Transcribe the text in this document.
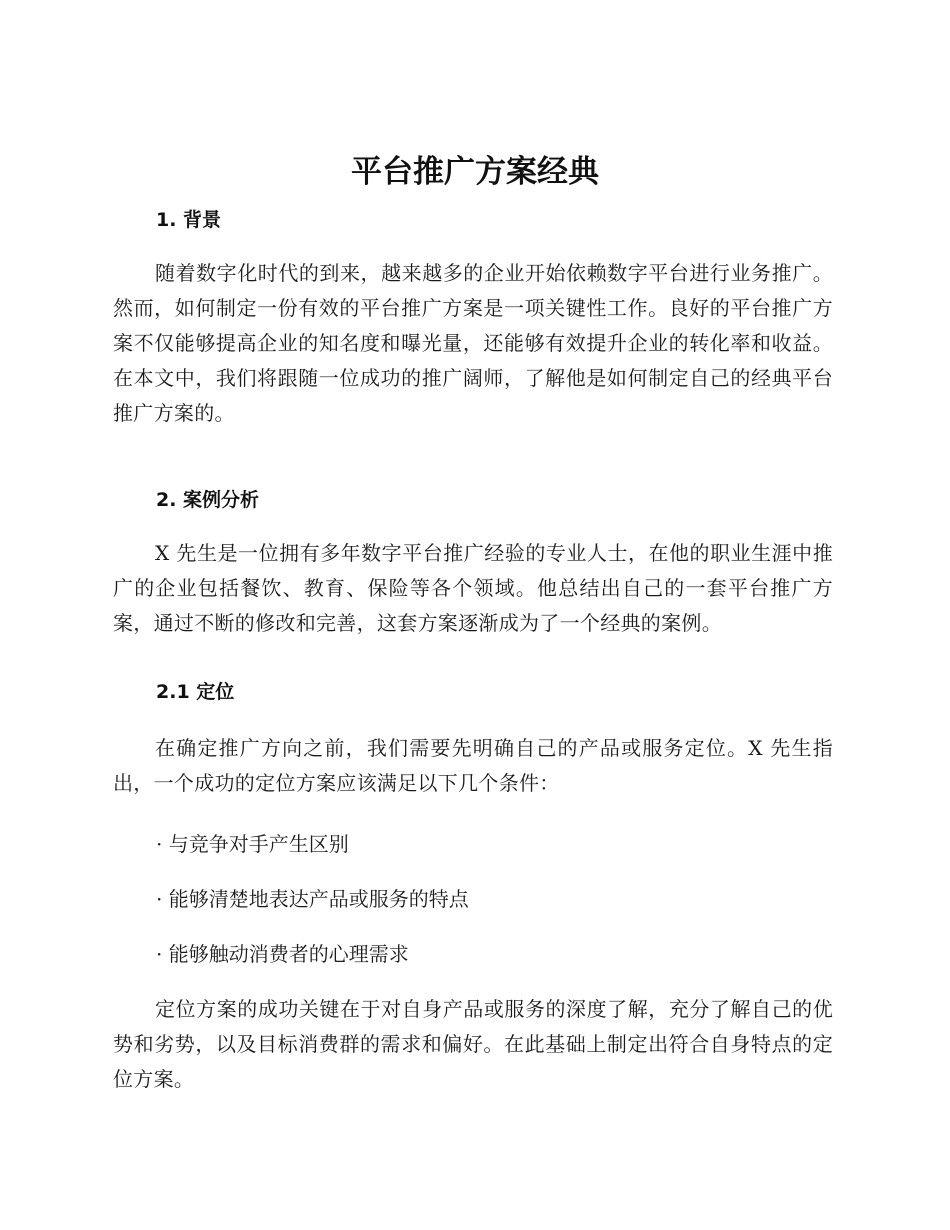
平台推广方案经典
1. 背景

随着数字化时代的到来，越来越多的企业开始依赖数字平台进行业务推广。然而，如何制定一份有效的平台推广方案是一项关键性工作。良好的平台推广方案不仅能够提高企业的知名度和曝光量，还能够有效提升企业的转化率和收益。在本文中，我们将跟随一位成功的推广阔师，了解他是如何制定自己的经典平台推广方案的。

2. 案例分析

X 先生是一位拥有多年数字平台推广经验的专业人士，在他的职业生涯中推广的企业包括餐饮、教育、保险等各个领域。他总结出自己的一套平台推广方案，通过不断的修改和完善，这套方案逐渐成为了一个经典的案例。

2.1 定位

在确定推广方向之前，我们需要先明确自己的产品或服务定位。X 先生指出，一个成功的定位方案应该满足以下几个条件：

· 与竞争对手产生区别

· 能够清楚地表达产品或服务的特点

· 能够触动消费者的心理需求

定位方案的成功关键在于对自身产品或服务的深度了解，充分了解自己的优势和劣势，以及目标消费群的需求和偏好。在此基础上制定出符合自身特点的定位方案。
